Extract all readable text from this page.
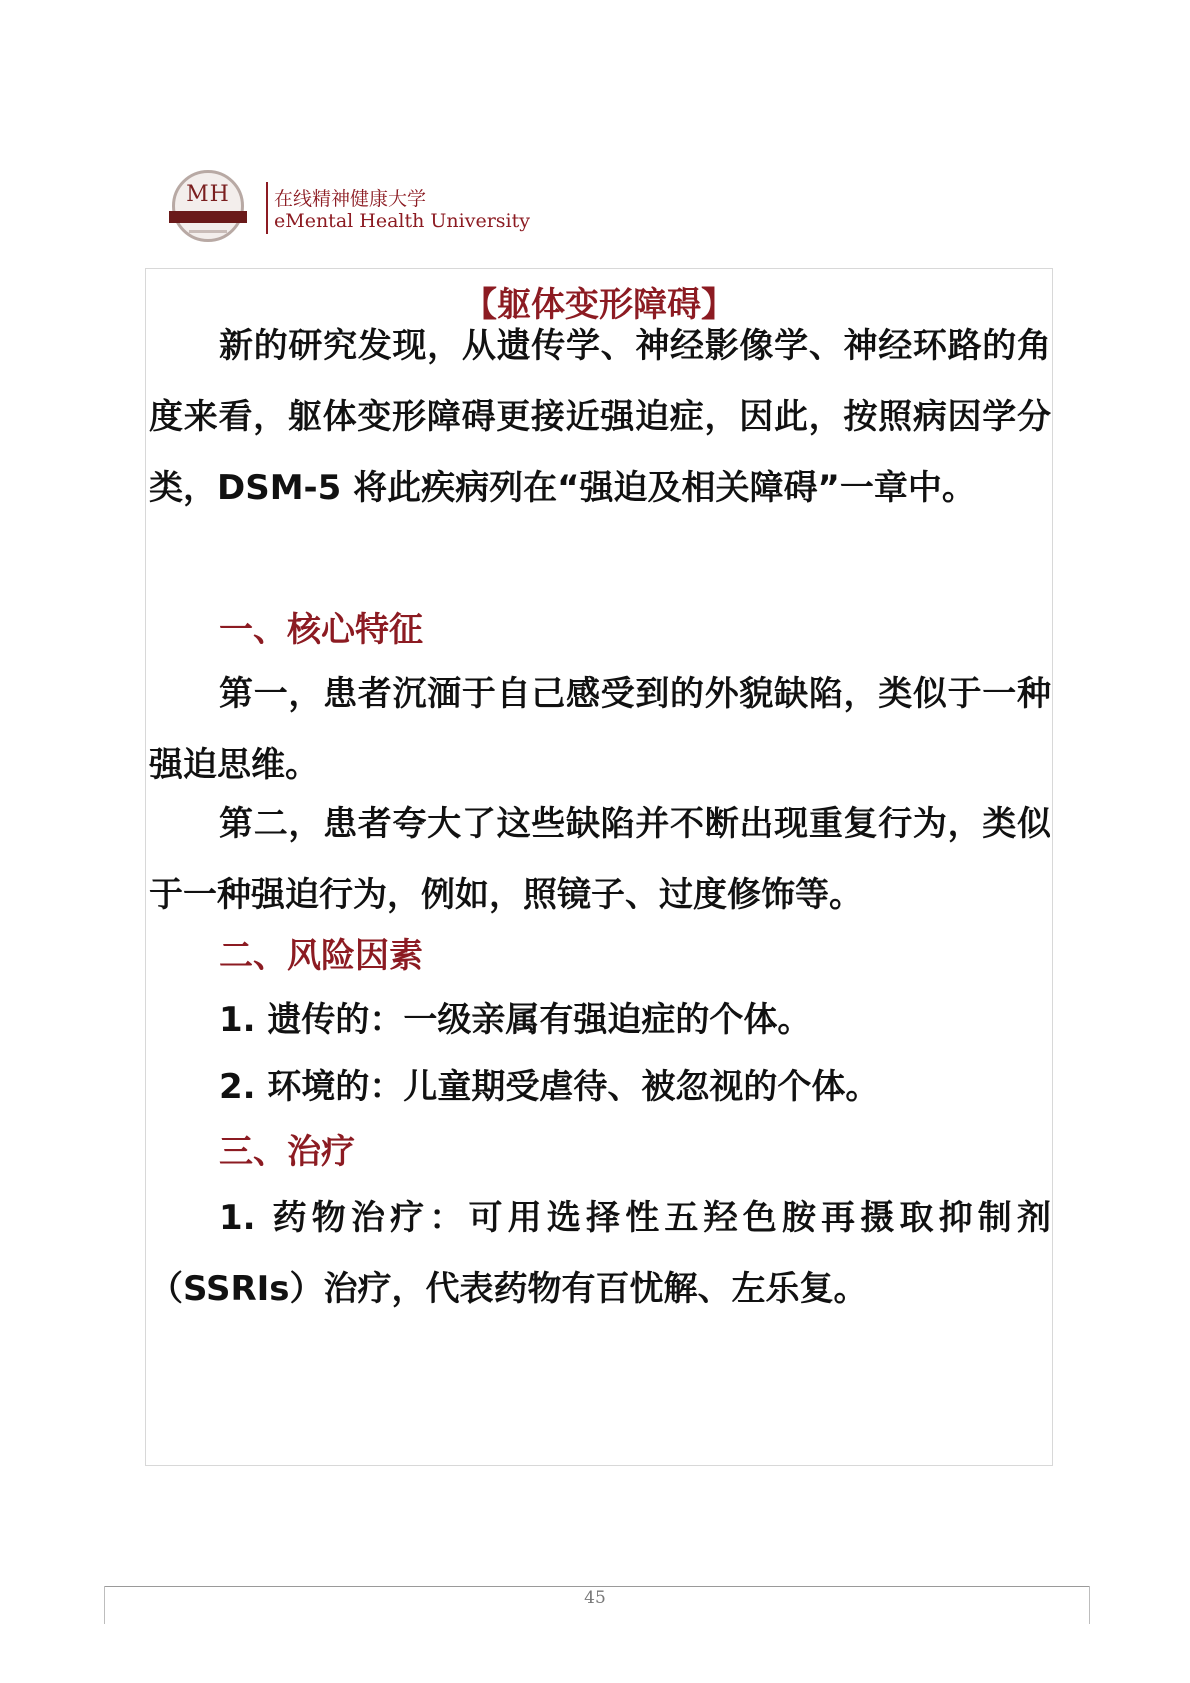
MH	在线精神健康大学
eMental Health University
【躯体变形障碍】

新的研究发现，从遗传学、神经影像学、神经环路的角度来看，躯体变形障碍更接近强迫症，因此，按照病因学分类，DSM-5 将此疾病列在“强迫及相关障碍”一章中。

一、核心特征

第一，患者沉湎于自己感受到的外貌缺陷，类似于一种强迫思维。

第二，患者夸大了这些缺陷并不断出现重复行为，类似于一种强迫行为，例如，照镜子、过度修饰等。

二、风险因素

1. 遗传的：一级亲属有强迫症的个体。

2. 环境的：儿童期受虐待、被忽视的个体。

三、治疗

1. 药物治疗：可用选择性五羟色胺再摄取抑制剂（SSRIs）治疗，代表药物有百忧解、左乐复。

45
